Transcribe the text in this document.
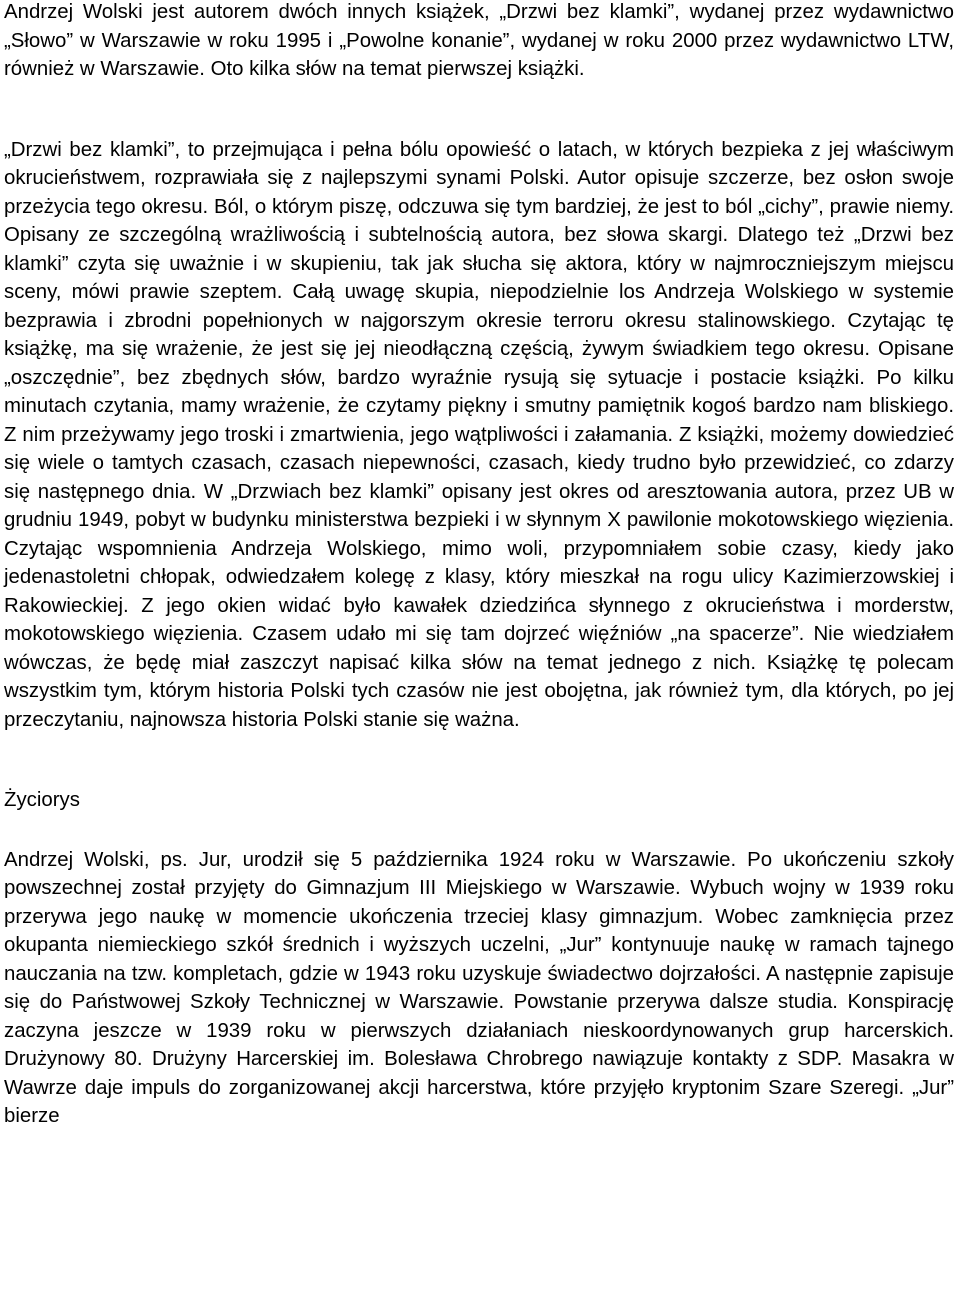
Andrzej Wolski jest autorem dwóch innych książek, „Drzwi bez klamki”, wydanej przez wydawnictwo „Słowo” w Warszawie w roku 1995 i „Powolne konanie”, wydanej w roku 2000 przez wydawnictwo LTW, również w Warszawie. Oto kilka słów na temat pierwszej książki.

„Drzwi bez klamki”, to przejmująca i pełna bólu opowieść o latach, w których bezpieka z jej właściwym okrucieństwem, rozprawiała się z najlepszymi synami Polski. Autor opisuje szczerze, bez osłon swoje przeżycia tego okresu. Ból, o którym piszę, odczuwa się tym bardziej, że jest to ból „cichy”, prawie niemy. Opisany ze szczególną wrażliwością i subtelnością autora, bez słowa skargi. Dlatego też „Drzwi bez klamki” czyta się uważnie i w skupieniu, tak jak słucha się aktora, który w najmroczniejszym miejscu sceny, mówi prawie szeptem. Całą uwagę skupia, niepodzielnie los Andrzeja Wolskiego w systemie bezprawia i zbrodni popełnionych w najgorszym okresie terroru okresu stalinowskiego. Czytając tę książkę, ma się wrażenie, że jest się jej nieodłączną częścią, żywym świadkiem tego okresu. Opisane „oszczędnie”, bez zbędnych słów, bardzo wyraźnie rysują się sytuacje i postacie książki. Po kilku minutach czytania, mamy wrażenie, że czytamy piękny i smutny pamiętnik kogoś bardzo nam bliskiego. Z nim przeżywamy jego troski i zmartwienia, jego wątpliwości i załamania. Z książki, możemy dowiedzieć się wiele o tamtych czasach, czasach niepewności, czasach, kiedy trudno było przewidzieć, co zdarzy się następnego dnia. W „Drzwiach bez klamki” opisany jest okres od aresztowania autora, przez UB w grudniu 1949, pobyt w budynku ministerstwa bezpieki i w słynnym X pawilonie mokotowskiego więzienia. Czytając wspomnienia Andrzeja Wolskiego, mimo woli, przypomniałem sobie czasy, kiedy jako jedenastoletni chłopak, odwiedzałem kolegę z klasy, który mieszkał na rogu ulicy Kazimierzowskiej i Rakowieckiej. Z jego okien widać było kawałek dziedzińca słynnego z okrucieństwa i morderstw, mokotowskiego więzienia. Czasem udało mi się tam dojrzeć więźniów „na spacerze”. Nie wiedziałem wówczas, że będę miał zaszczyt napisać kilka słów na temat jednego z nich. Książkę tę polecam wszystkim tym, którym historia Polski tych czasów nie jest obojętna, jak również tym, dla których, po jej przeczytaniu, najnowsza historia Polski stanie się ważna.

Życiorys

Andrzej Wolski, ps. Jur, urodził się 5 października 1924 roku w Warszawie. Po ukończeniu szkoły powszechnej został przyjęty do Gimnazjum III Miejskiego w Warszawie. Wybuch wojny w 1939 roku przerywa jego naukę w momencie ukończenia trzeciej klasy gimnazjum. Wobec zamknięcia przez okupanta niemieckiego szkół średnich i wyższych uczelni, „Jur” kontynuuje naukę w ramach tajnego nauczania na tzw. kompletach, gdzie w 1943 roku uzyskuje świadectwo dojrzałości. A następnie zapisuje się do Państwowej Szkoły Technicznej w Warszawie. Powstanie przerywa dalsze studia. Konspirację zaczyna jeszcze w 1939 roku w pierwszych działaniach nieskoordynowanych grup harcerskich. Drużynowy 80. Drużyny Harcerskiej im. Bolesława Chrobrego nawiązuje kontakty z SDP. Masakra w Wawrze daje impuls do zorganizowanej akcji harcerstwa, które przyjęło kryptonim Szare Szeregi. „Jur” bierze
